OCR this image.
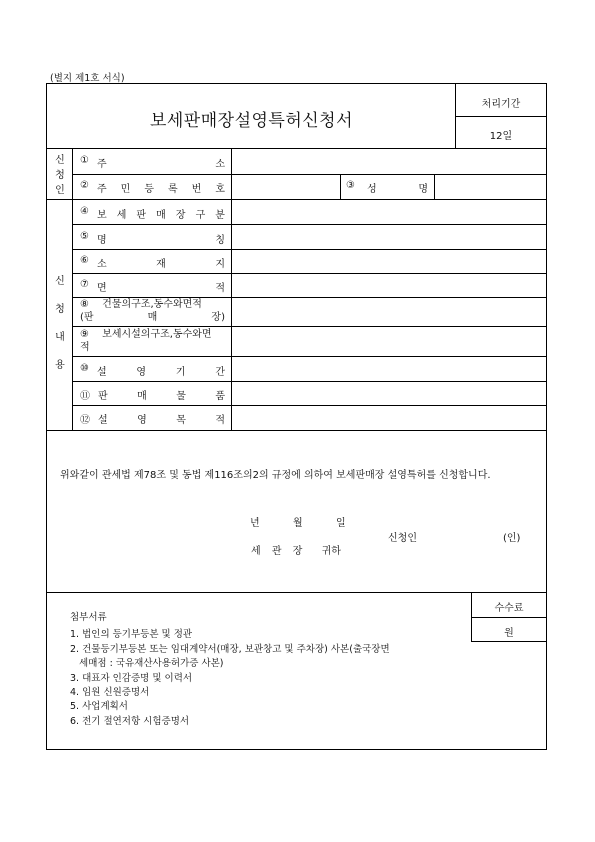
(별지 제1호 서식)
보세판매장설영특허신청서
처리기간
12일
신청인
① 주	소
② 주 민 등 록 번 호	③ 성	명
신청내용
④ 보 세 판 매 장 구 분
⑤ 명	칭
⑥ 소	재	지
⑦ 면	적
⑧ 건물의구조,동수와면적
(판	매	장)
⑨ 보세시설의구조,동수와면
적
⑩ 설	영	기	간
⑪ 판	매	물	품
⑫ 설	영	목	적
위와같이 관세법 제78조 및 동법 제116조의2의 규정에 의하여 보세판매장 설영특허를 신청합니다.
년	월	일
신청인	(인)
세 관 장 귀하
수수료
원
첨부서류
1. 법인의 등기부등본 및 정관
2. 건물등기부등본 또는 임대계약서(매장, 보관창고 및 주차장) 사본(출국장면
세매점 : 국유재산사용허가증 사본)
3. 대표자 인감증명 및 이력서
4. 임원 신원증명서
5. 사업계획서
6. 전기 절연저항 시험증명서
